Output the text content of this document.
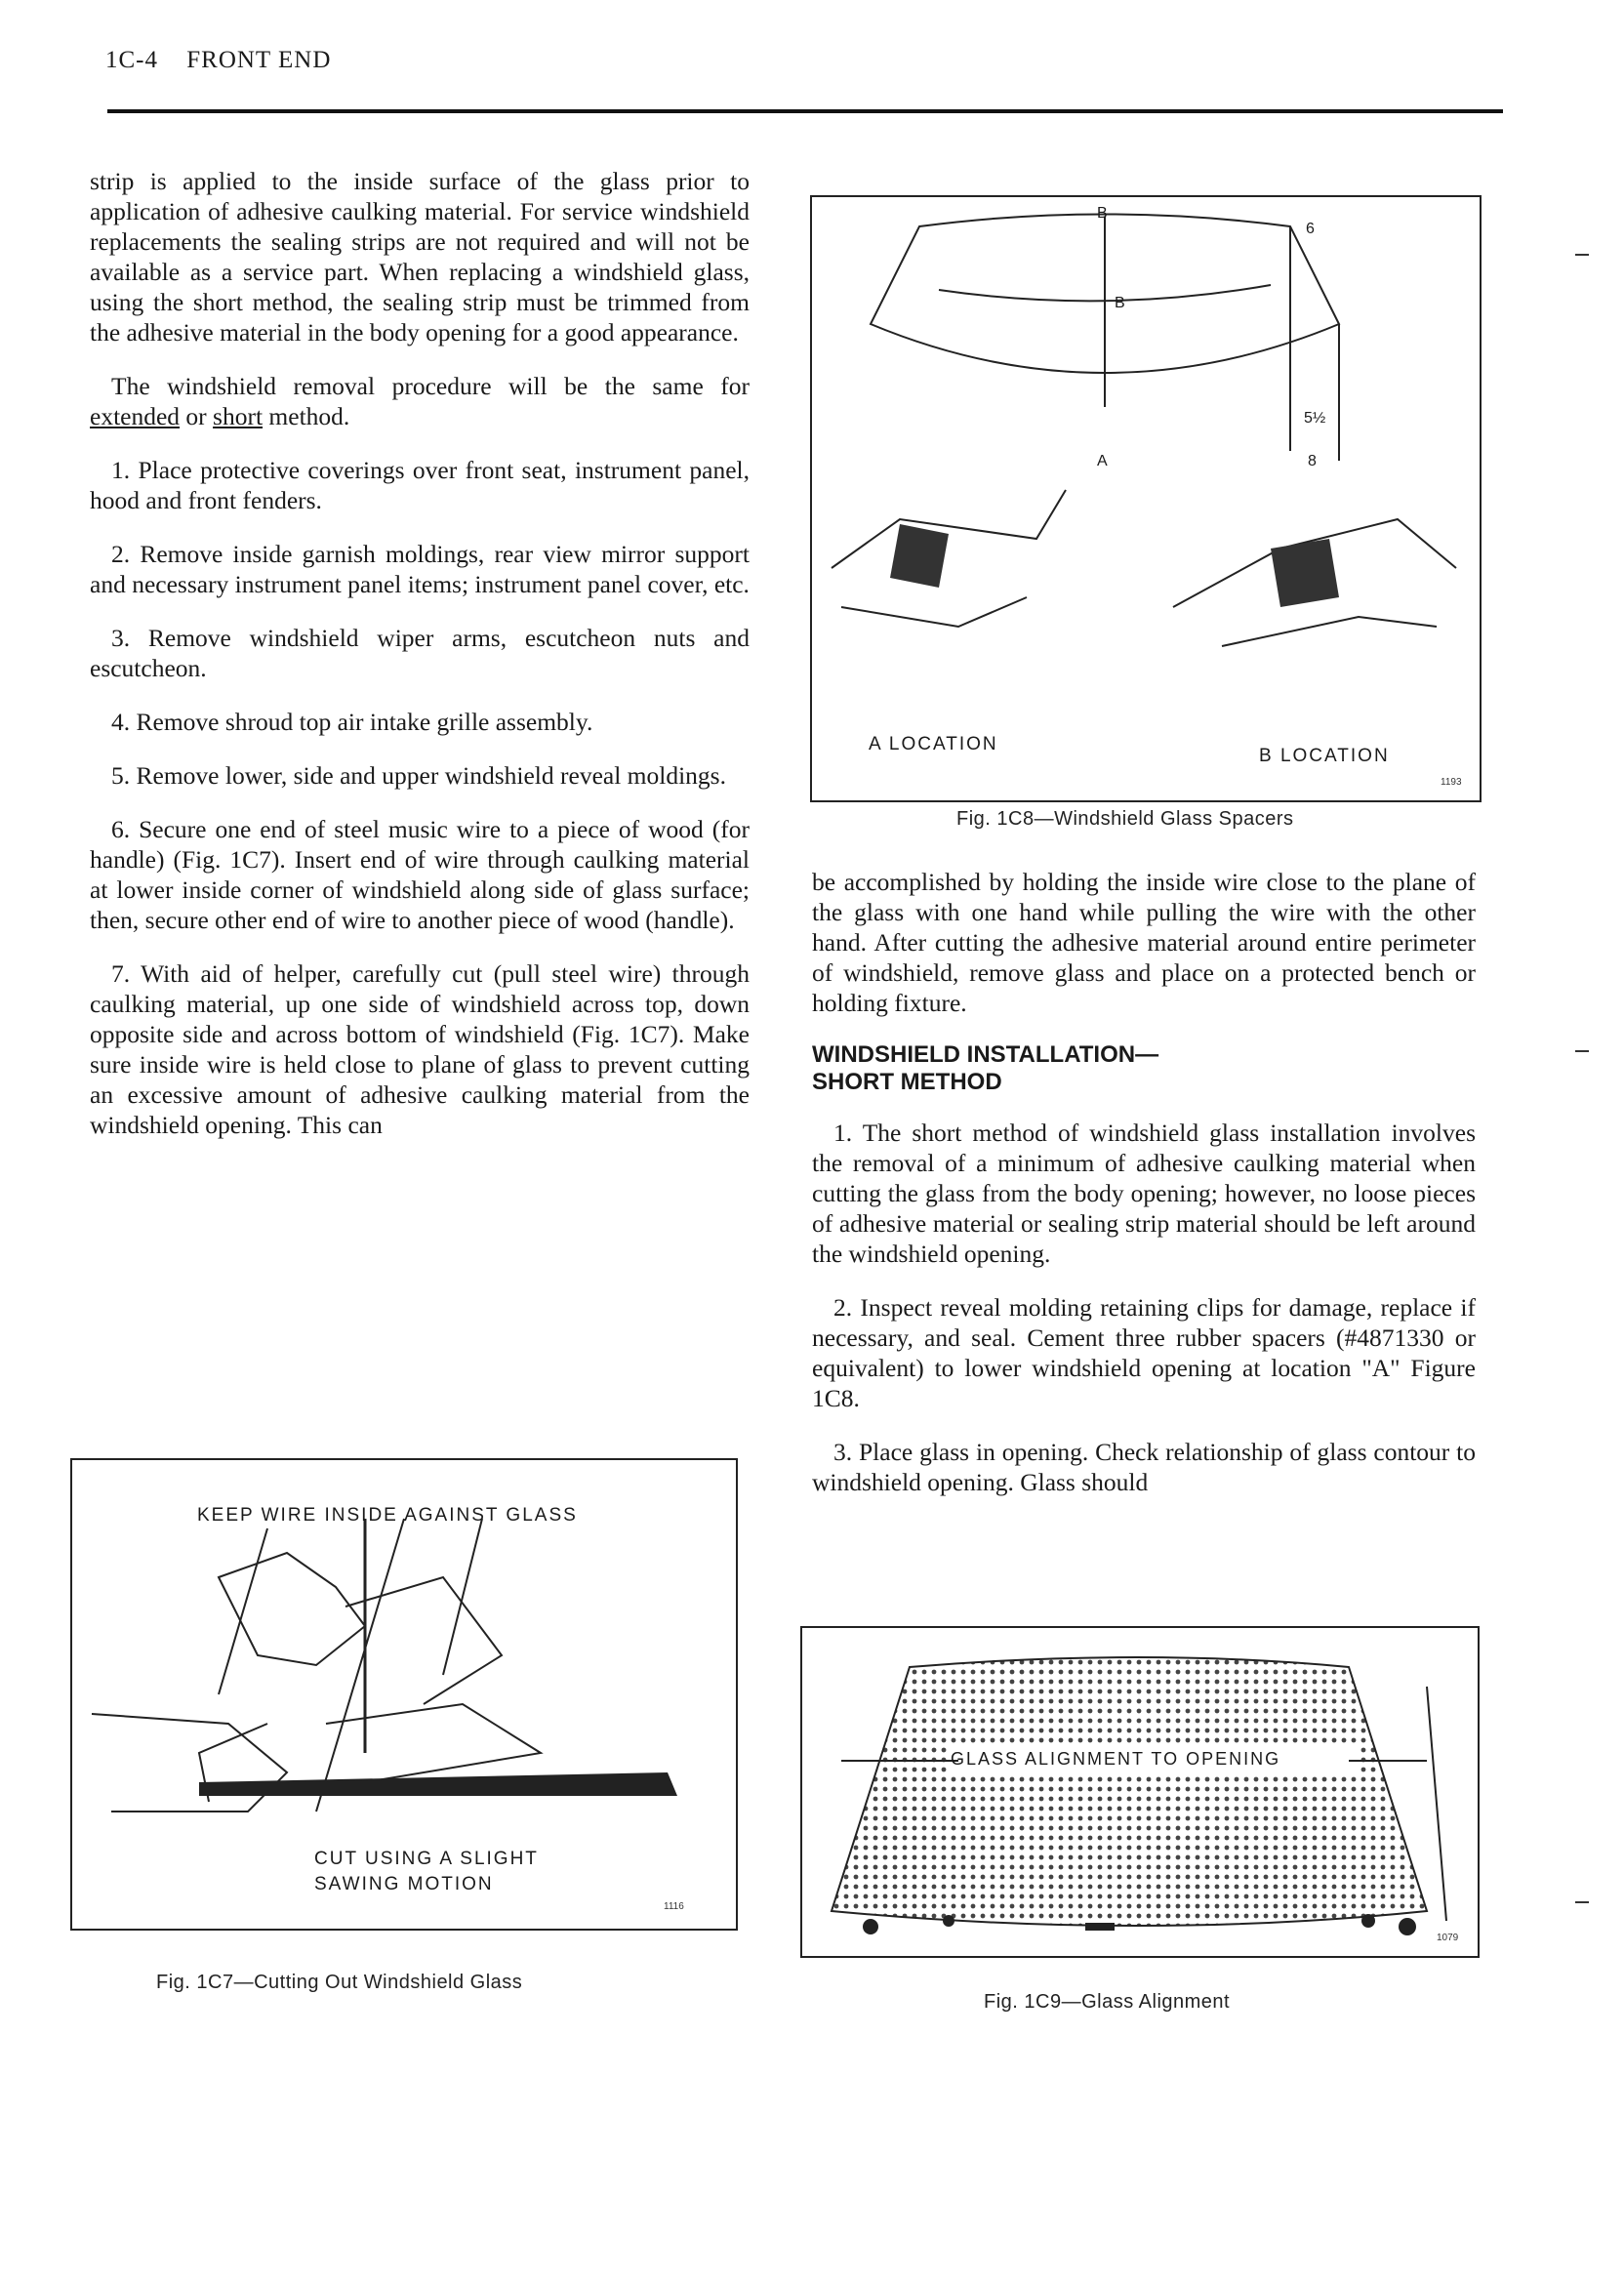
1C-4 FRONT END

strip is applied to the inside surface of the glass prior to application of adhesive caulking material. For service windshield replacements the sealing strips are not required and will not be available as a service part. When replacing a windshield glass, using the short method, the sealing strip must be trimmed from the adhesive material in the body opening for a good appearance.

The windshield removal procedure will be the same for extended or short method.

1. Place protective coverings over front seat, instrument panel, hood and front fenders.

2. Remove inside garnish moldings, rear view mirror support and necessary instrument panel items; instrument panel cover, etc.

3. Remove windshield wiper arms, escutcheon nuts and escutcheon.

4. Remove shroud top air intake grille assembly.

5. Remove lower, side and upper windshield reveal moldings.

6. Secure one end of steel music wire to a piece of wood (for handle) (Fig. 1C7). Insert end of wire through caulking material at lower inside corner of windshield along side of glass surface; then, secure other end of wire to another piece of wood (handle).

7. With aid of helper, carefully cut (pull steel wire) through caulking material, up one side of windshield across top, down opposite side and across bottom of windshield (Fig. 1C7). Make sure inside wire is held close to plane of glass to prevent cutting an excessive amount of adhesive caulking material from the windshield opening. This can

be accomplished by holding the inside wire close to the plane of the glass with one hand while pulling the wire with the other hand. After cutting the adhesive material around entire perimeter of windshield, remove glass and place on a protected bench or holding fixture.

WINDSHIELD INSTALLATION—
SHORT METHOD

1. The short method of windshield glass installation involves the removal of a minimum of adhesive caulking material when cutting the glass from the body opening; however, no loose pieces of adhesive material or sealing strip material should be left around the windshield opening.

2. Inspect reveal molding retaining clips for damage, replace if necessary, and seal. Cement three rubber spacers (#4871330 or equivalent) to lower windshield opening at location "A" Figure 1C8.

3. Place glass in opening. Check relationship of glass contour to windshield opening. Glass should

B
B
A
6
5½
8
A LOCATION
B LOCATION
1193
Fig. 1C8—Windshield Glass Spacers
KEEP WIRE INSIDE AGAINST GLASS
CUT USING A SLIGHT
SAWING MOTION
1116
Fig. 1C7—Cutting Out Windshield Glass
GLASS ALIGNMENT TO OPENING
1079
Fig. 1C9—Glass Alignment
